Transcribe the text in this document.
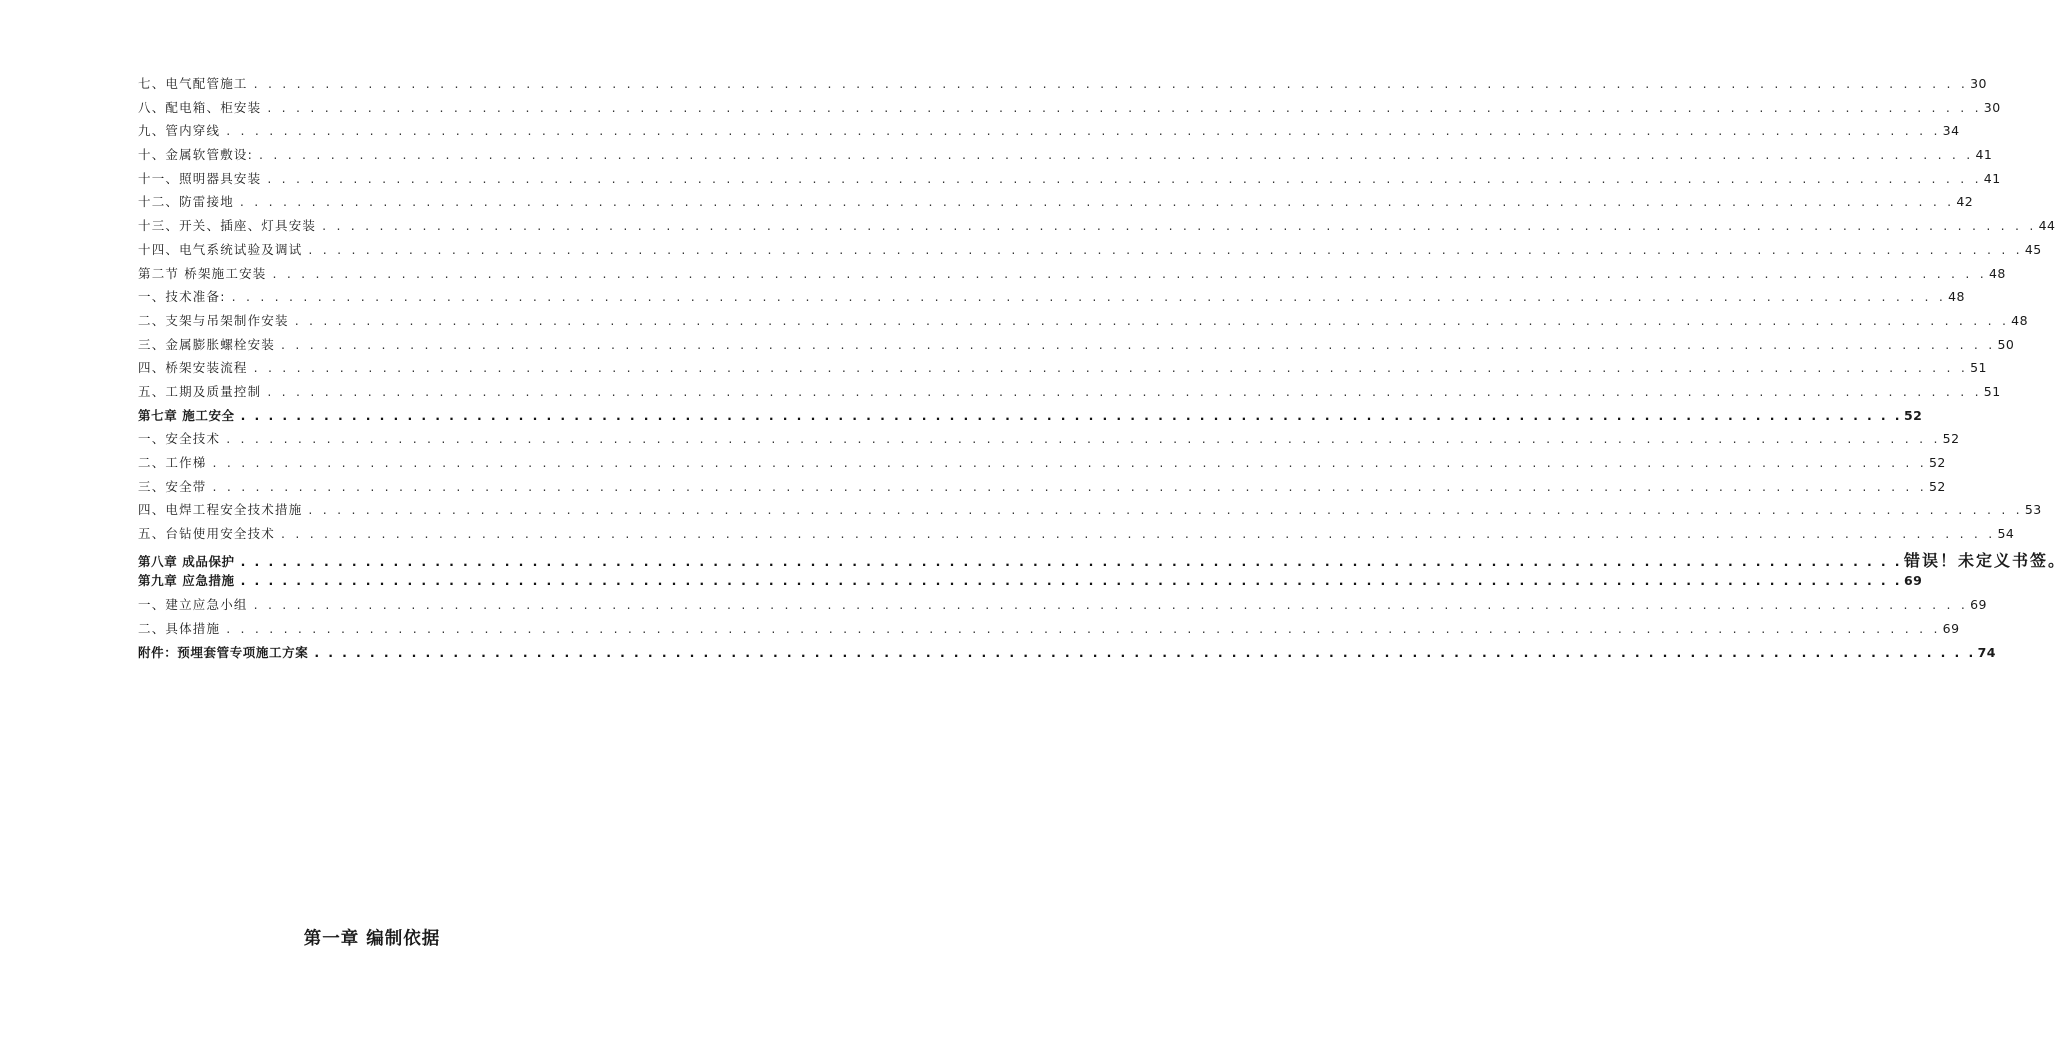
七、电气配管施工 . . . . . . . . . . . . . . . . . . . . . . . . . . . . . . . . . . . . . . . . . . . . . . . . . . . . . . . . . . . . . . . . . . . . . . . . . . . . . . . . . . . . . . . . . . . . . . . . . . . . . . . . . . . . . . . . . . . . . . . . 30
八、配电箱、柜安装 . . . . . . . . . . . . . . . . . . . . . . . . . . . . . . . . . . . . . . . . . . . . . . . . . . . . . . . . . . . . . . . . . . . . . . . . . . . . . . . . . . . . . . . . . . . . . . . . . . . . . . . . . . . . . . . . . . . . . . . . 30
九、管内穿线 . . . . . . . . . . . . . . . . . . . . . . . . . . . . . . . . . . . . . . . . . . . . . . . . . . . . . . . . . . . . . . . . . . . . . . . . . . . . . . . . . . . . . . . . . . . . . . . . . . . . . . . . . . . . . . . . . . . . . . . . 34
十、金属软管敷设: . . . . . . . . . . . . . . . . . . . . . . . . . . . . . . . . . . . . . . . . . . . . . . . . . . . . . . . . . . . . . . . . . . . . . . . . . . . . . . . . . . . . . . . . . . . . . . . . . . . . . . . . . . . . . . . . . . . . . . . . 41
十一、照明器具安装 . . . . . . . . . . . . . . . . . . . . . . . . . . . . . . . . . . . . . . . . . . . . . . . . . . . . . . . . . . . . . . . . . . . . . . . . . . . . . . . . . . . . . . . . . . . . . . . . . . . . . . . . . . . . . . . . . . . . . . . . 41
十二、防雷接地 . . . . . . . . . . . . . . . . . . . . . . . . . . . . . . . . . . . . . . . . . . . . . . . . . . . . . . . . . . . . . . . . . . . . . . . . . . . . . . . . . . . . . . . . . . . . . . . . . . . . . . . . . . . . . . . . . . . . . . . . 42
十三、开关、插座、灯具安装 . . . . . . . . . . . . . . . . . . . . . . . . . . . . . . . . . . . . . . . . . . . . . . . . . . . . . . . . . . . . . . . . . . . . . . . . . . . . . . . . . . . . . . . . . . . . . . . . . . . . . . . . . . . . . . . . . . . . . . . . 44
十四、电气系统试验及调试 . . . . . . . . . . . . . . . . . . . . . . . . . . . . . . . . . . . . . . . . . . . . . . . . . . . . . . . . . . . . . . . . . . . . . . . . . . . . . . . . . . . . . . . . . . . . . . . . . . . . . . . . . . . . . . . . . . . . . . . . 45
第二节 桥架施工安装 . . . . . . . . . . . . . . . . . . . . . . . . . . . . . . . . . . . . . . . . . . . . . . . . . . . . . . . . . . . . . . . . . . . . . . . . . . . . . . . . . . . . . . . . . . . . . . . . . . . . . . . . . . . . . . . . . . . . . . . . 48
一、技术准备: . . . . . . . . . . . . . . . . . . . . . . . . . . . . . . . . . . . . . . . . . . . . . . . . . . . . . . . . . . . . . . . . . . . . . . . . . . . . . . . . . . . . . . . . . . . . . . . . . . . . . . . . . . . . . . . . . . . . . . . . 48
二、支架与吊架制作安装 . . . . . . . . . . . . . . . . . . . . . . . . . . . . . . . . . . . . . . . . . . . . . . . . . . . . . . . . . . . . . . . . . . . . . . . . . . . . . . . . . . . . . . . . . . . . . . . . . . . . . . . . . . . . . . . . . . . . . . . . 48
三、金属膨胀螺栓安装 . . . . . . . . . . . . . . . . . . . . . . . . . . . . . . . . . . . . . . . . . . . . . . . . . . . . . . . . . . . . . . . . . . . . . . . . . . . . . . . . . . . . . . . . . . . . . . . . . . . . . . . . . . . . . . . . . . . . . . . . 50
四、桥架安装流程 . . . . . . . . . . . . . . . . . . . . . . . . . . . . . . . . . . . . . . . . . . . . . . . . . . . . . . . . . . . . . . . . . . . . . . . . . . . . . . . . . . . . . . . . . . . . . . . . . . . . . . . . . . . . . . . . . . . . . . . . 51
五、工期及质量控制 . . . . . . . . . . . . . . . . . . . . . . . . . . . . . . . . . . . . . . . . . . . . . . . . . . . . . . . . . . . . . . . . . . . . . . . . . . . . . . . . . . . . . . . . . . . . . . . . . . . . . . . . . . . . . . . . . . . . . . . . 51
第七章 施工安全 . . . . . . . . . . . . . . . . . . . . . . . . . . . . . . . . . . . . . . . . . . . . . . . . . . . . . . . . . . . . . . . . . . . . . . . . . . . . . . . . . . . . . . . . . . . . . . . . . . . . . . . . . . . . . . . . . . . . . . . . 52
一、安全技术 . . . . . . . . . . . . . . . . . . . . . . . . . . . . . . . . . . . . . . . . . . . . . . . . . . . . . . . . . . . . . . . . . . . . . . . . . . . . . . . . . . . . . . . . . . . . . . . . . . . . . . . . . . . . . . . . . . . . . . . . 52
二、工作梯 . . . . . . . . . . . . . . . . . . . . . . . . . . . . . . . . . . . . . . . . . . . . . . . . . . . . . . . . . . . . . . . . . . . . . . . . . . . . . . . . . . . . . . . . . . . . . . . . . . . . . . . . . . . . . . . . . . . . . . . . 52
三、安全带 . . . . . . . . . . . . . . . . . . . . . . . . . . . . . . . . . . . . . . . . . . . . . . . . . . . . . . . . . . . . . . . . . . . . . . . . . . . . . . . . . . . . . . . . . . . . . . . . . . . . . . . . . . . . . . . . . . . . . . . . 52
四、电焊工程安全技术措施 . . . . . . . . . . . . . . . . . . . . . . . . . . . . . . . . . . . . . . . . . . . . . . . . . . . . . . . . . . . . . . . . . . . . . . . . . . . . . . . . . . . . . . . . . . . . . . . . . . . . . . . . . . . . . . . . . . . . . . . . 53
五、台钻使用安全技术 . . . . . . . . . . . . . . . . . . . . . . . . . . . . . . . . . . . . . . . . . . . . . . . . . . . . . . . . . . . . . . . . . . . . . . . . . . . . . . . . . . . . . . . . . . . . . . . . . . . . . . . . . . . . . . . . . . . . . . . . 54
第八章 成品保护 . . . . . . . . . . . . . . . . . . . . . . . . . . . . . . . . . . . . . . . . . . . . . . . . . . . . . . . . . . . . . . . . . . . . . . . . . . . . . . . . . . . . . . . . . . . . . . . . . . . . . . . . . . . . . . . . . . . . . . . . 错误！未定义书签。
第九章 应急措施 . . . . . . . . . . . . . . . . . . . . . . . . . . . . . . . . . . . . . . . . . . . . . . . . . . . . . . . . . . . . . . . . . . . . . . . . . . . . . . . . . . . . . . . . . . . . . . . . . . . . . . . . . . . . . . . . . . . . . . . . 69
一、建立应急小组 . . . . . . . . . . . . . . . . . . . . . . . . . . . . . . . . . . . . . . . . . . . . . . . . . . . . . . . . . . . . . . . . . . . . . . . . . . . . . . . . . . . . . . . . . . . . . . . . . . . . . . . . . . . . . . . . . . . . . . . . 69
二、具体措施 . . . . . . . . . . . . . . . . . . . . . . . . . . . . . . . . . . . . . . . . . . . . . . . . . . . . . . . . . . . . . . . . . . . . . . . . . . . . . . . . . . . . . . . . . . . . . . . . . . . . . . . . . . . . . . . . . . . . . . . . 69
附件：预埋套管专项施工方案 . . . . . . . . . . . . . . . . . . . . . . . . . . . . . . . . . . . . . . . . . . . . . . . . . . . . . . . . . . . . . . . . . . . . . . . . . . . . . . . . . . . . . . . . . . . . . . . . . . . . . . . . . . . . . . . . . . . . . . . . 74
第一章 编制依据
